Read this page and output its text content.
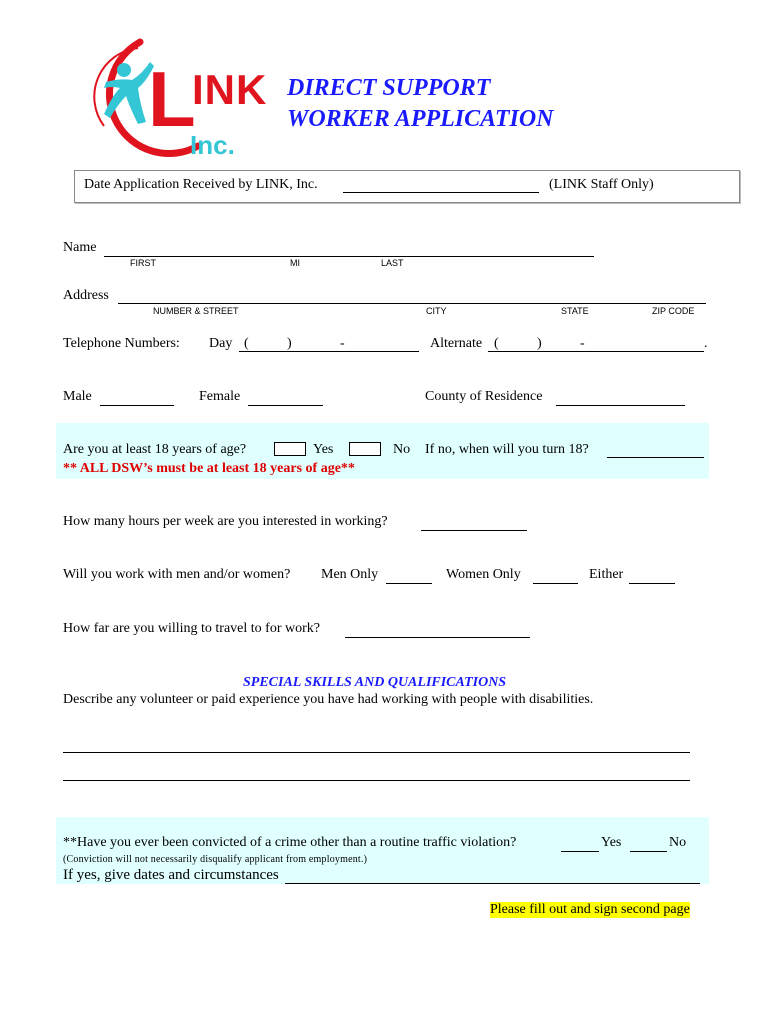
L
INK
Inc.
DIRECT SUPPORT
WORKER APPLICATION
Date Application Received by LINK, Inc.	(LINK Staff Only)
Name
FIRST	MI	LAST
Address
NUMBER & STREET	CITY	STATE	ZIP CODE
Telephone Numbers: Day (	)	-	Alternate (	)	-	.
Male	Female	County of Residence
Are you at least 18 years of age?	Yes	No If no, when will you turn 18?
** ALL DSW’s must be at least 18 years of age**
How many hours per week are you interested in working?
Will you work with men and/or women? Men Only	Women Only	Either
How far are you willing to travel to for work?
SPECIAL SKILLS AND QUALIFICATIONS
Describe any volunteer or paid experience you have had working with people with disabilities.
**Have you ever been convicted of a crime other than a routine traffic violation?	Yes	No
(Conviction will not necessarily disqualify applicant from employment.)
If yes, give dates and circumstances
Please fill out and sign second page
